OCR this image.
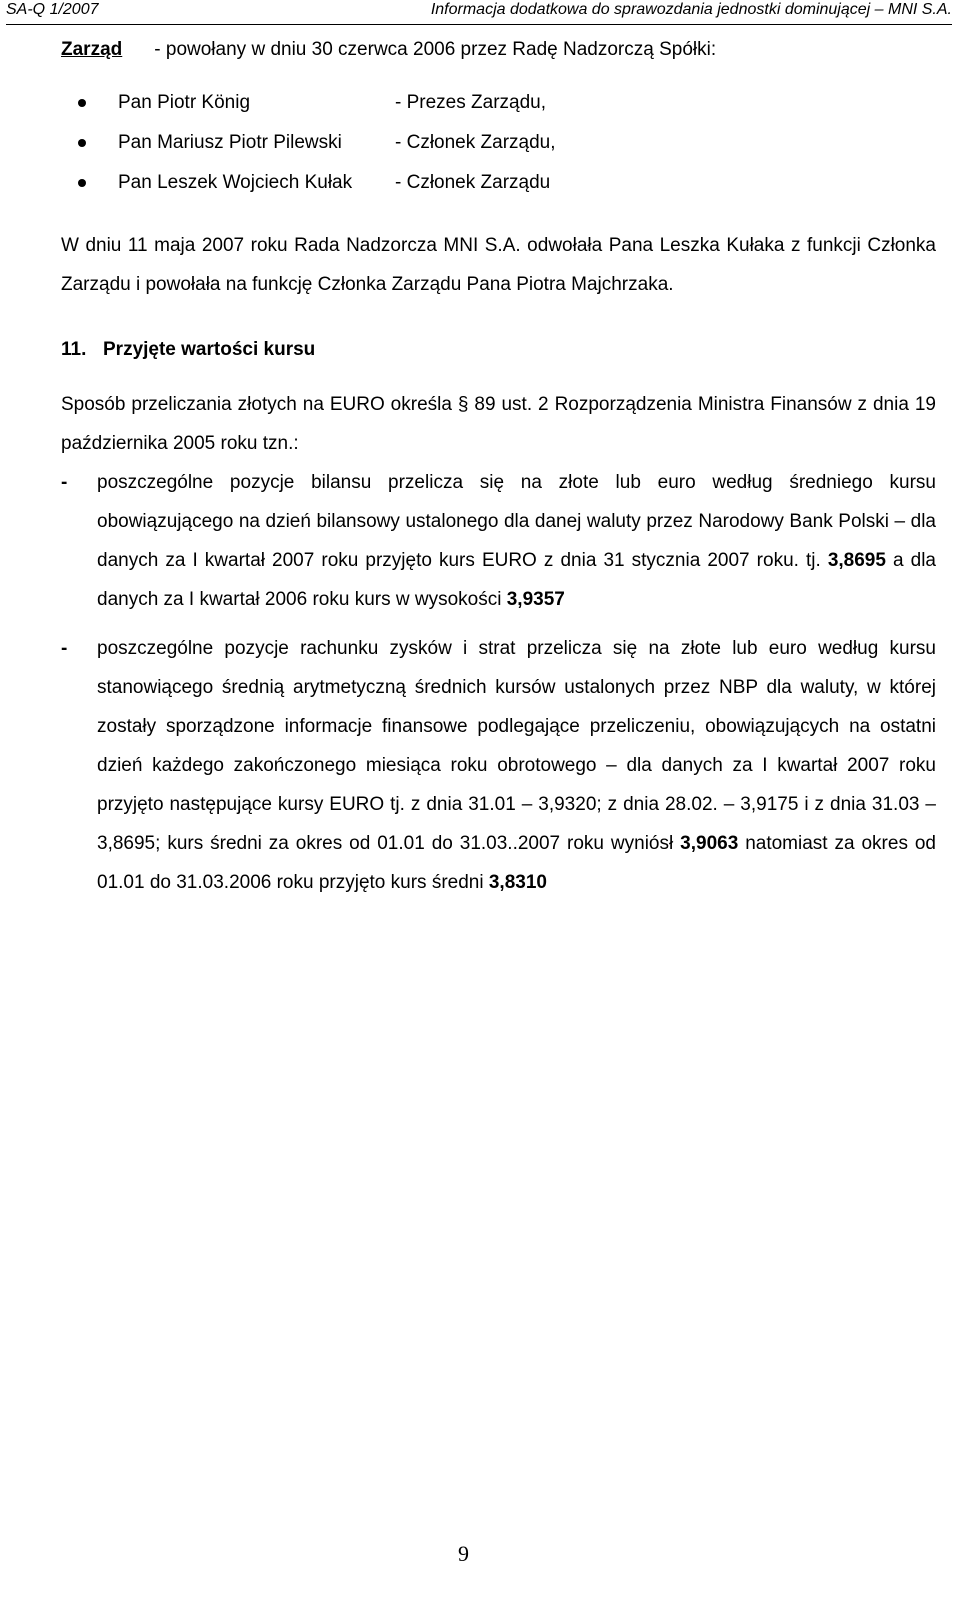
SA-Q 1/2007	Informacja dodatkowa do sprawozdania jednostki dominującej – MNI S.A.
Zarząd - powołany w dniu 30 czerwca 2006 przez Radę Nadzorczą Spółki:
Pan Piotr König	- Prezes Zarządu,
Pan Mariusz Piotr Pilewski	- Członek Zarządu,
Pan Leszek Wojciech Kułak - Członek Zarządu
W dniu 11 maja 2007 roku Rada Nadzorcza MNI S.A. odwołała Pana Leszka Kułaka z funkcji Członka Zarządu i powołała na funkcję Członka Zarządu Pana Piotra Majchrzaka.
11. Przyjęte wartości kursu
Sposób przeliczania złotych na EURO określa § 89 ust. 2 Rozporządzenia Ministra Finansów z dnia 19 października 2005 roku tzn.:
- poszczególne pozycje bilansu przelicza się na złote lub euro według średniego kursu obowiązującego na dzień bilansowy ustalonego dla danej waluty przez Narodowy Bank Polski – dla danych za I kwartał 2007 roku przyjęto kurs EURO z dnia 31 stycznia 2007 roku. tj. 3,8695 a dla danych za I kwartał 2006 roku kurs w wysokości 3,9357
- poszczególne pozycje rachunku zysków i strat przelicza się na złote lub euro według kursu stanowiącego średnią arytmetyczną średnich kursów ustalonych przez NBP dla waluty, w której zostały sporządzone informacje finansowe podlegające przeliczeniu, obowiązujących na ostatni dzień każdego zakończonego miesiąca roku obrotowego – dla danych za I kwartał 2007 roku przyjęto następujące kursy EURO tj. z dnia 31.01 – 3,9320; z dnia 28.02. – 3,9175 i z dnia 31.03 – 3,8695; kurs średni za okres od 01.01 do 31.03..2007 roku wyniósł 3,9063 natomiast za okres od 01.01 do 31.03.2006 roku przyjęto kurs średni 3,8310
9
